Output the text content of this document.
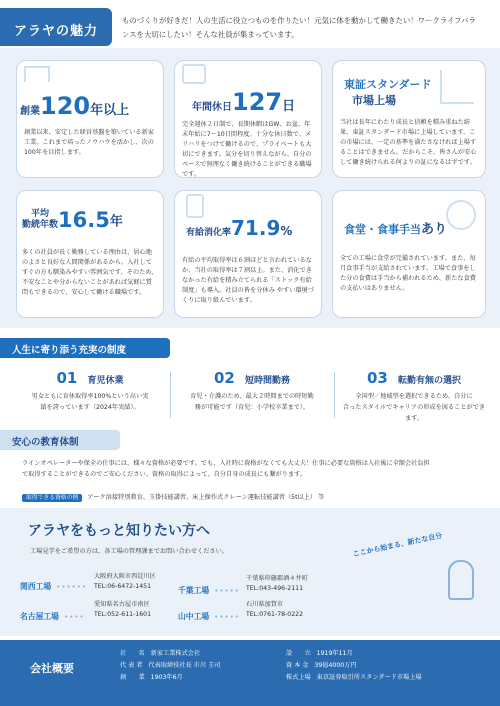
アラヤの魅力
ものづくりが好きだ！人の生活に役立つものを作りたい！元気に体を動かして働きたい！ワークライフバランスを大切にしたい！そんな社員が集まっています。
創業120年以上
創業以来、安定した経営基盤を築いている新家工業。これまで培ったノウハウを活かし、次の100年を目指します。
年間休日127日
完全週休２日制で、長期休暇はGW、お盆、年末年始に7〜10日間程度。十分な休日数で、メリハリをつけて働けるので、プライベートも大切にできます。気分を切り替えながら、自分のペースで無理なく働き続けることができる職場です。
東証スタンダード
市場上場
当社は長年にわたり成長と信頼を積み重ねた結果、東証スタンダード市場に上場しています。この市場には、一定の基準を満たさなければ上場することはできません。だからこそ、皆さんが安心して働き続けられる何よりの証になるはずです。
平均
勤続年数16.5年
多くの社員が長く勤務している理由は、居心地のよさと良好な人間関係があるから。入社してすぐの方も馴染みやすい雰囲気です。そのため、不安なことや分からないことがあれば気軽に質問もできるので、安心して働ける職場です。
有給消化率71.9%
有給の平均取得率は６割ほどと言われているなか、当社の取得率は７割以上。また、消化できなかった有給を積み立てられる「ストック有給制度」も導入。社員の皆を分休み やすい環境づくりに取り組んでいます。
食堂・食事手当あり
全ての工場に食堂が完備されています。また、毎月食事手当が支給されています。工場で食事をした分の食費は手当から補われるため、新たな食費の支払いはありません。
人生に寄り添う充実の制度
01 育児休業
男女ともに育休取得率100%という高い実
績を誇っています（2024年実績）。
02 短時間勤務
育児・介護のため、最大２時間までの時短勤
務が可能です（育児：小学校卒業まで）。
03 転勤有無の選択
全国型／地域型を選択できるため、自分に
合ったスタイルでキャリアの形成を図ることができます。
安心の教育体制
ラインオペレーターや保全の仕事には、様々な資格が必要です。でも、入社時に資格がなくても大丈夫！仕事に必要な資格は入社後に全額会社負担
で取得することができるのでご安心ください。資格の取得によって、自分自身の成長にも繋がります。
取得できる資格の例 アーク溶接特別教育、玉掛技能講習、床上操作式クレーン運転技能講習（5t以上） 等
アラヤをもっと知りたい方へ
工場見学をご希望の方は、各工場の管理課までお問い合わせください。	ここから始まる、新たな自分
関西工場 ••••••
大阪府大阪市西淀川区
TEL:06-6472-1451	千葉工場 •••••
千葉県印旛郡酒々井町
TEL:043-496-2111
名古屋工場 ••••
愛知県名古屋市南区
TEL:052-611-1601	山中工場 •••••
石川県加賀市
TEL:0761-78-0222
会社概要
社　　名 新家工業株式会社
代 表 者 代表取締役社長 市川 圭司
創　　業 1903年6月
設　　立 1919年11月
資 本 金 39億4000万円
株式上場 東京証券取引所スタンダード市場上場
